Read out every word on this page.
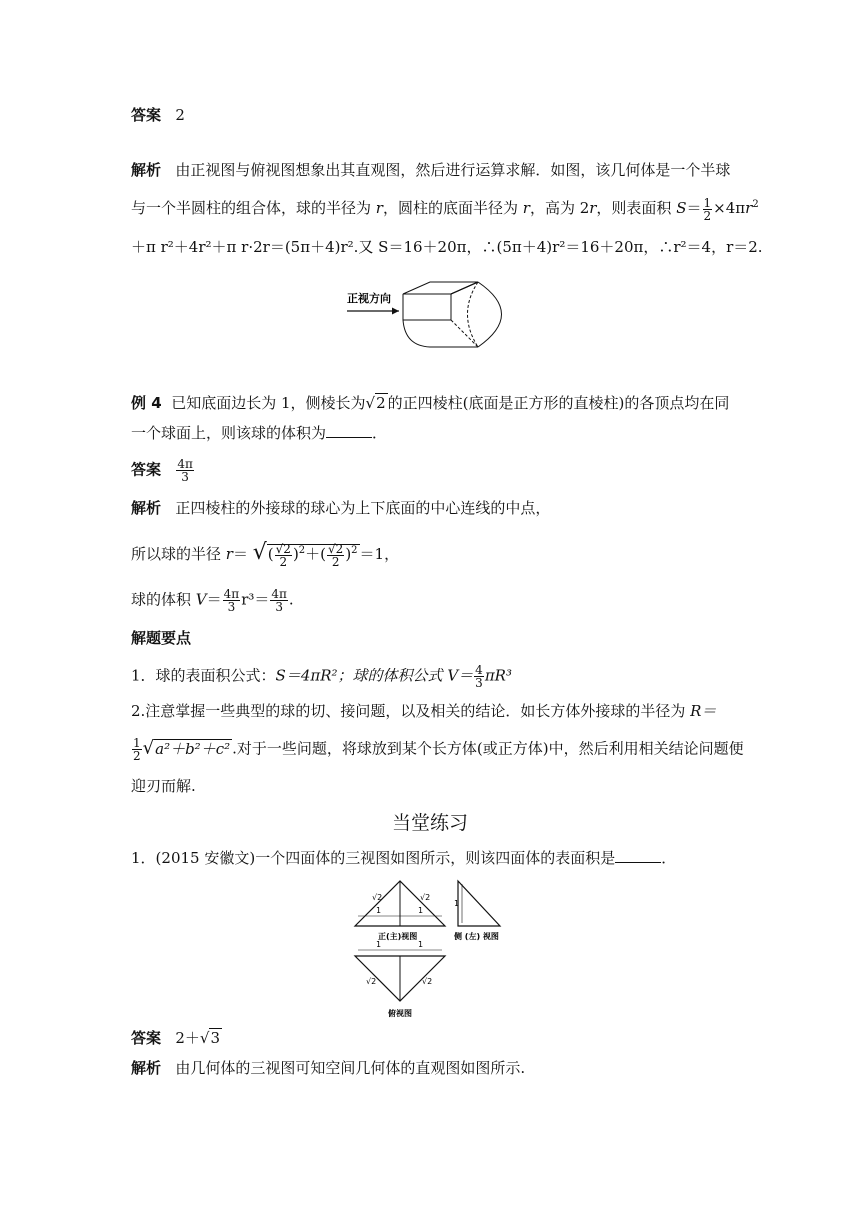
答案 2
解析 由正视图与俯视图想象出其直观图，然后进行运算求解．如图，该几何体是一个半球
与一个半圆柱的组合体，球的半径为 r，圆柱的底面半径为 r，高为 2r，则表面积 $S= \frac{1}{2} \times 4\pi r^2$
＋π r²＋4r²＋π r·2r＝(5π＋4)r².又 S＝16＋20π，∴(5π＋4)r²＝16＋20π，∴r²＝4，r＝2.
正视方向
例 4 已知底面边长为 1，侧棱长为√2 的正四棱柱(底面是正方形的直棱柱)的各顶点均在同
一个球面上，则该球的体积为	．
答案 $\frac{4\pi}{3}$
解析 正四棱柱的外接球的球心为上下底面的中心连线的中点，
所以球的半径 r＝ √( $\frac{√2}{2} )^2+( \frac{√2}{2} )^2 =1$，
球的体积 $V= \frac{4\pi}{3} r^3= \frac{4\pi}{3}$ .
解题要点
1．球的表面积公式：S＝4πR²；球的体积公式 $V= \frac{4}{3} \pi R^3$
2.注意掌握一些典型的球的切、接问题，以及相关的结论．如长方体外接球的半径为 R＝
$\frac{1}{2} √a^2+b^2+c^2$ .对于一些问题，将球放到某个长方体(或正方体)中，然后利用相关结论问题便
迎刃而解.
当堂练习
1．(2015 安徽文)一个四面体的三视图如图所示，则该四面体的表面积是	．
1	1
√2	√2
正(主)视图
1
侧 (左) 视图
1	1
√2	√2
俯视图
答案 2＋√3
解析 由几何体的三视图可知空间几何体的直观图如图所示.
